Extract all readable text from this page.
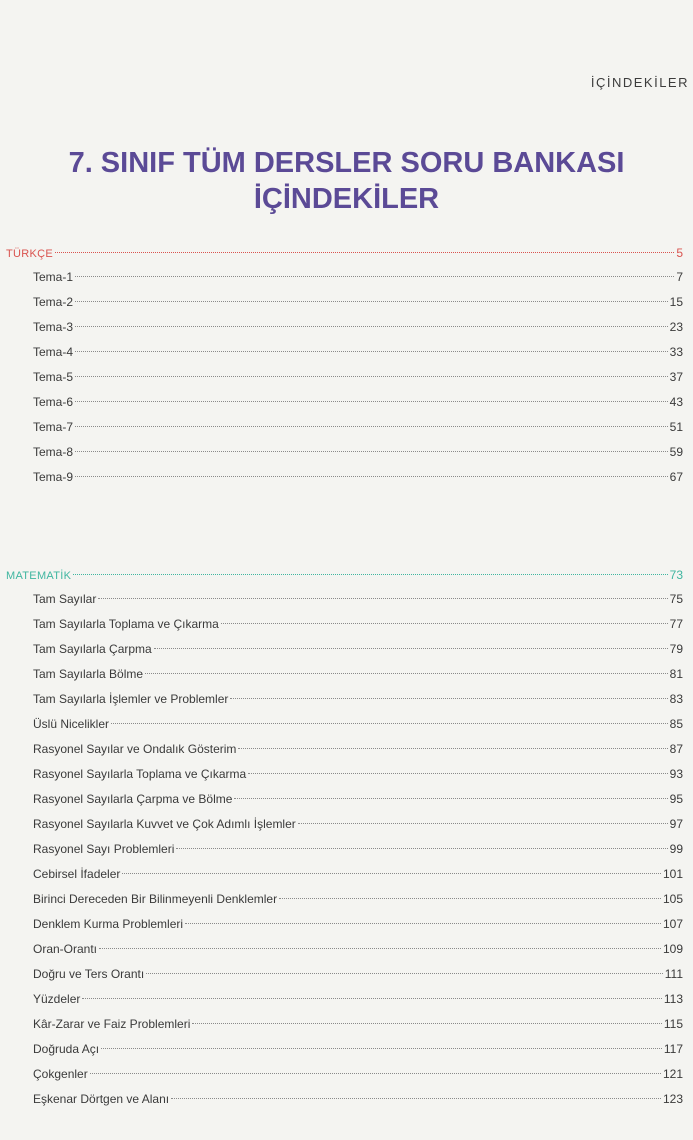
İÇİNDEKİLER
7. SINIF TÜM DERSLER SORU BANKASI
İÇİNDEKİLER
TÜRKÇE	5
Tema-1	7
Tema-2	15
Tema-3	23
Tema-4	33
Tema-5	37
Tema-6	43
Tema-7	51
Tema-8	59
Tema-9	67
MATEMATİK	73
Tam Sayılar	75
Tam Sayılarla Toplama ve Çıkarma	77
Tam Sayılarla Çarpma	79
Tam Sayılarla Bölme	81
Tam Sayılarla İşlemler ve Problemler	83
Üslü Nicelikler	85
Rasyonel Sayılar ve Ondalık Gösterim	87
Rasyonel Sayılarla Toplama ve Çıkarma	93
Rasyonel Sayılarla Çarpma ve Bölme	95
Rasyonel Sayılarla Kuvvet ve Çok Adımlı İşlemler	97
Rasyonel Sayı Problemleri	99
Cebirsel İfadeler	101
Birinci Dereceden Bir Bilinmeyenli Denklemler	105
Denklem Kurma Problemleri	107
Oran-Orantı	109
Doğru ve Ters Orantı	111
Yüzdeler	113
Kâr-Zarar ve Faiz Problemleri	115
Doğruda Açı	117
Çokgenler	121
Eşkenar Dörtgen ve Alanı	123
